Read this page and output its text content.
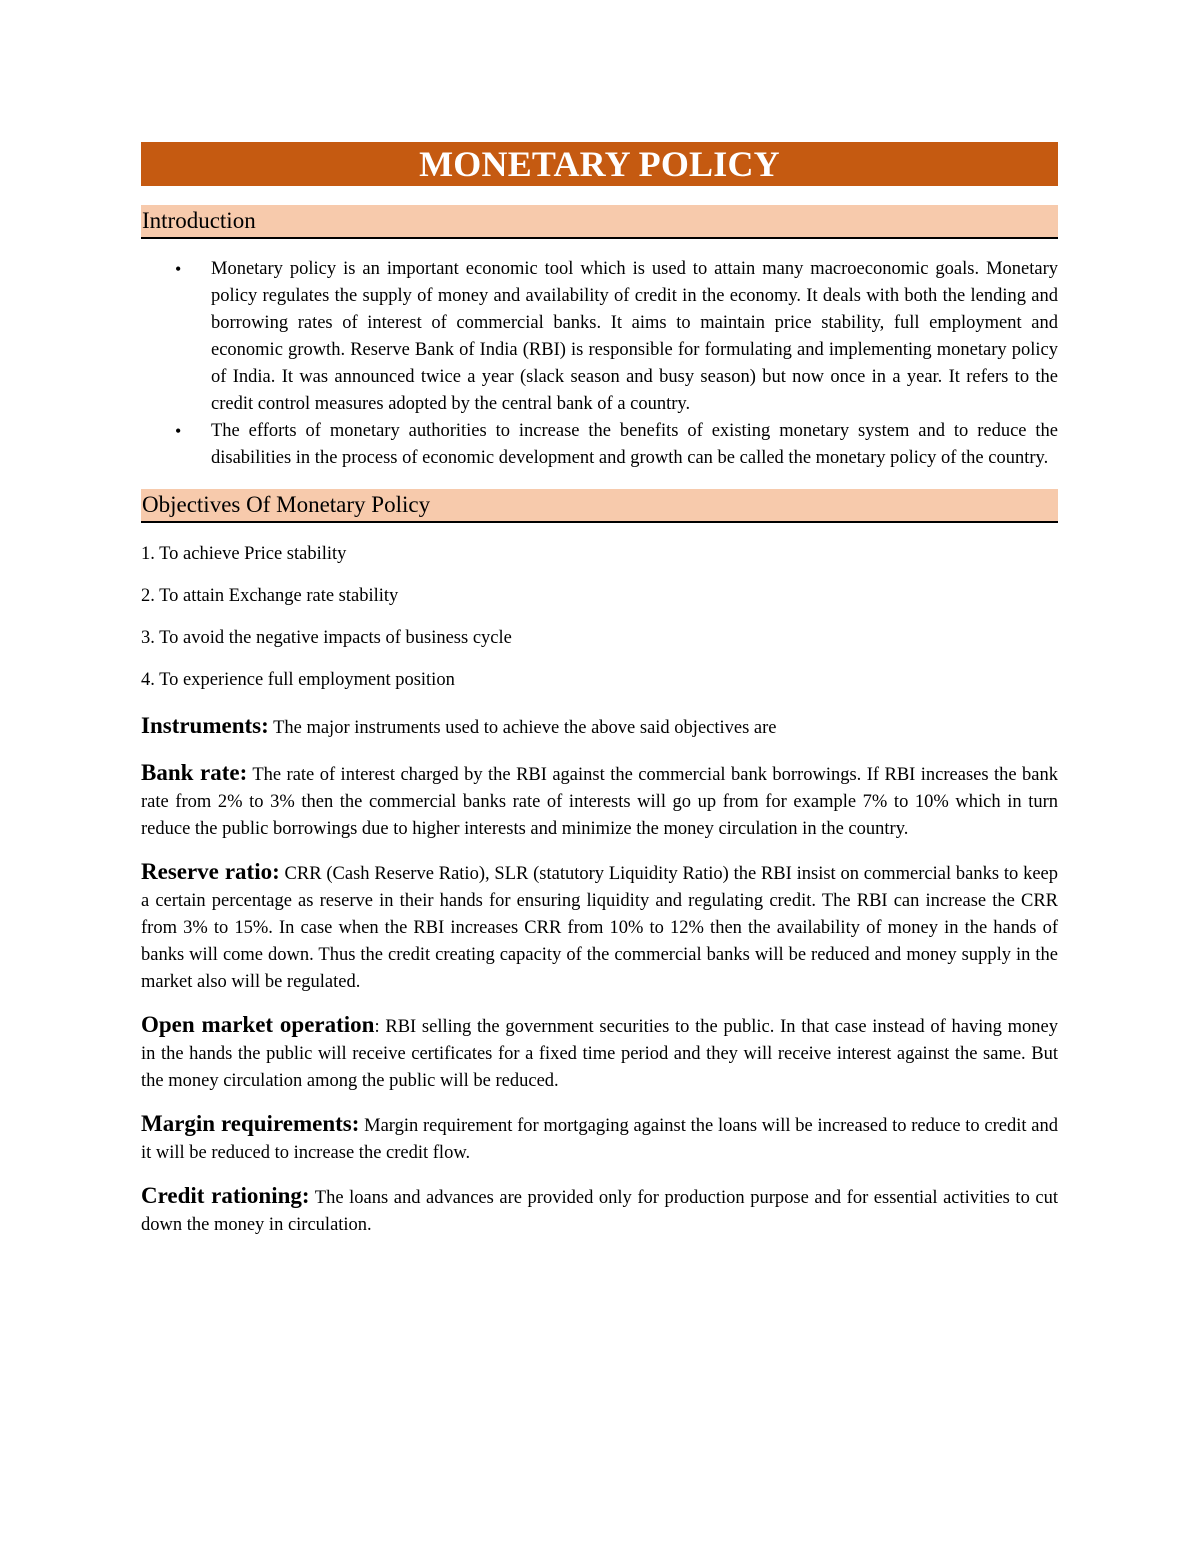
MONETARY POLICY
Introduction
• Monetary policy is an important economic tool which is used to attain many macroeconomic goals. Monetary policy regulates the supply of money and availability of credit in the economy. It deals with both the lending and borrowing rates of interest of commercial banks. It aims to maintain price stability, full employment and economic growth. Reserve Bank of India (RBI) is responsible for formulating and implementing monetary policy of India. It was announced twice a year (slack season and busy season) but now once in a year. It refers to the credit control measures adopted by the central bank of a country.
• The efforts of monetary authorities to increase the benefits of existing monetary system and to reduce the disabilities in the process of economic development and growth can be called the monetary policy of the country.
Objectives Of Monetary Policy

1. To achieve Price stability

2. To attain Exchange rate stability

3. To avoid the negative impacts of business cycle

4. To experience full employment position

Instruments: The major instruments used to achieve the above said objectives are

Bank rate: The rate of interest charged by the RBI against the commercial bank borrowings. If RBI increases the bank rate from 2% to 3% then the commercial banks rate of interests will go up from for example 7% to 10% which in turn reduce the public borrowings due to higher interests and minimize the money circulation in the country.

Reserve ratio: CRR (Cash Reserve Ratio), SLR (statutory Liquidity Ratio) the RBI insist on commercial banks to keep a certain percentage as reserve in their hands for ensuring liquidity and regulating credit. The RBI can increase the CRR from 3% to 15%. In case when the RBI increases CRR from 10% to 12% then the availability of money in the hands of banks will come down. Thus the credit creating capacity of the commercial banks will be reduced and money supply in the market also will be regulated.

Open market operation: RBI selling the government securities to the public. In that case instead of having money in the hands the public will receive certificates for a fixed time period and they will receive interest against the same. But the money circulation among the public will be reduced.

Margin requirements: Margin requirement for mortgaging against the loans will be increased to reduce to credit and it will be reduced to increase the credit flow.

Credit rationing: The loans and advances are provided only for production purpose and for essential activities to cut down the money in circulation.
